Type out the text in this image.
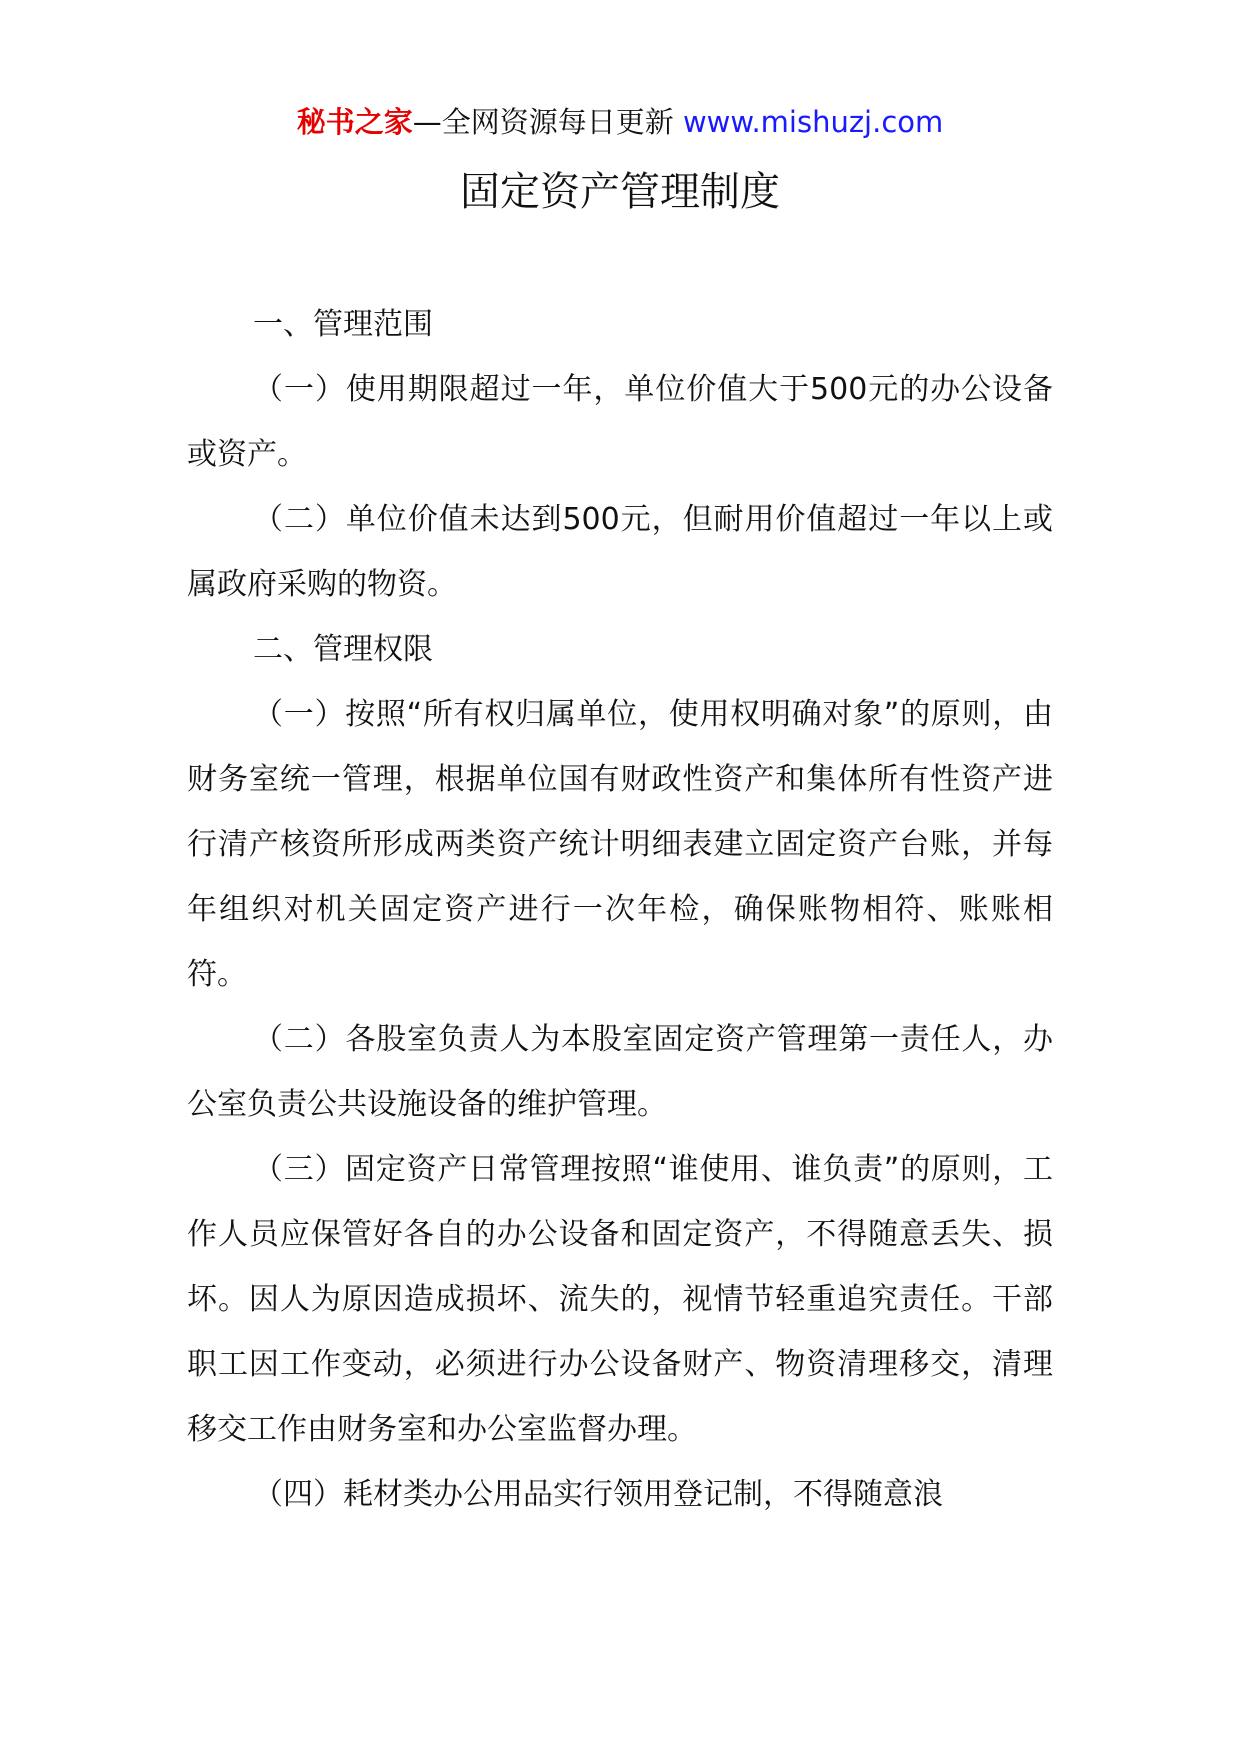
秘书之家—全网资源每日更新 www.mishuzj.com
固定资产管理制度

一、管理范围

（一）使用期限超过一年，单位价值大于500元的办公设备或资产。

（二）单位价值未达到500元，但耐用价值超过一年以上或属政府采购的物资。

二、管理权限

（一）按照“所有权归属单位，使用权明确对象”的原则，由财务室统一管理，根据单位国有财政性资产和集体所有性资产进行清产核资所形成两类资产统计明细表建立固定资产台账，并每年组织对机关固定资产进行一次年检，确保账物相符、账账相符。

（二）各股室负责人为本股室固定资产管理第一责任人，办公室负责公共设施设备的维护管理。

（三）固定资产日常管理按照“谁使用、谁负责”的原则，工作人员应保管好各自的办公设备和固定资产，不得随意丢失、损坏。因人为原因造成损坏、流失的，视情节轻重追究责任。干部职工因工作变动，必须进行办公设备财产、物资清理移交，清理移交工作由财务室和办公室监督办理。

（四）耗材类办公用品实行领用登记制，不得随意浪
